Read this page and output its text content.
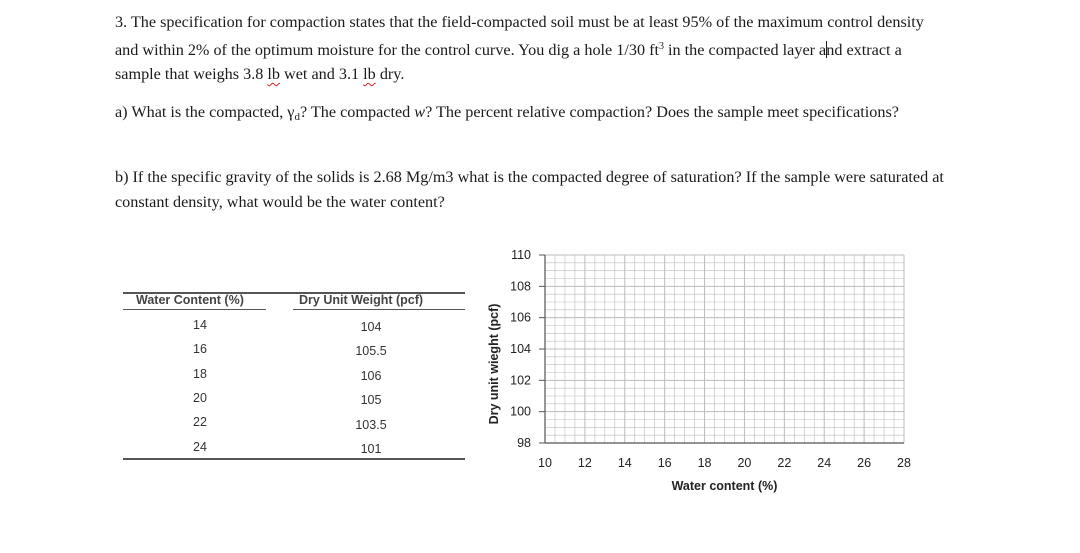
3. The specification for compaction states that the field-compacted soil must be at least 95% of the maximum control density and within 2% of the optimum moisture for the control curve. You dig a hole 1/30 $ft^3$ in the compacted layer and extract a sample that weighs 3.8 lb wet and 3.1 lb dry.
a) What is the compacted, $\gamma_d$? The compacted w? The percent relative compaction? Does the sample meet specifications?
b) If the specific gravity of the solids is 2.68 Mg/m3 what is the compacted degree of saturation? If the sample were saturated at constant density, what would be the water content?
Water Content (%)	Dry Unit Weight (pcf)
14	104
16	105.5
18	106
20	105
22	103.5
24	101
110
108
106
104
102
100
98
10 12 14 16 18 20 22 24 26 28
Water content (%)
Dry unit wieght (pcf)
